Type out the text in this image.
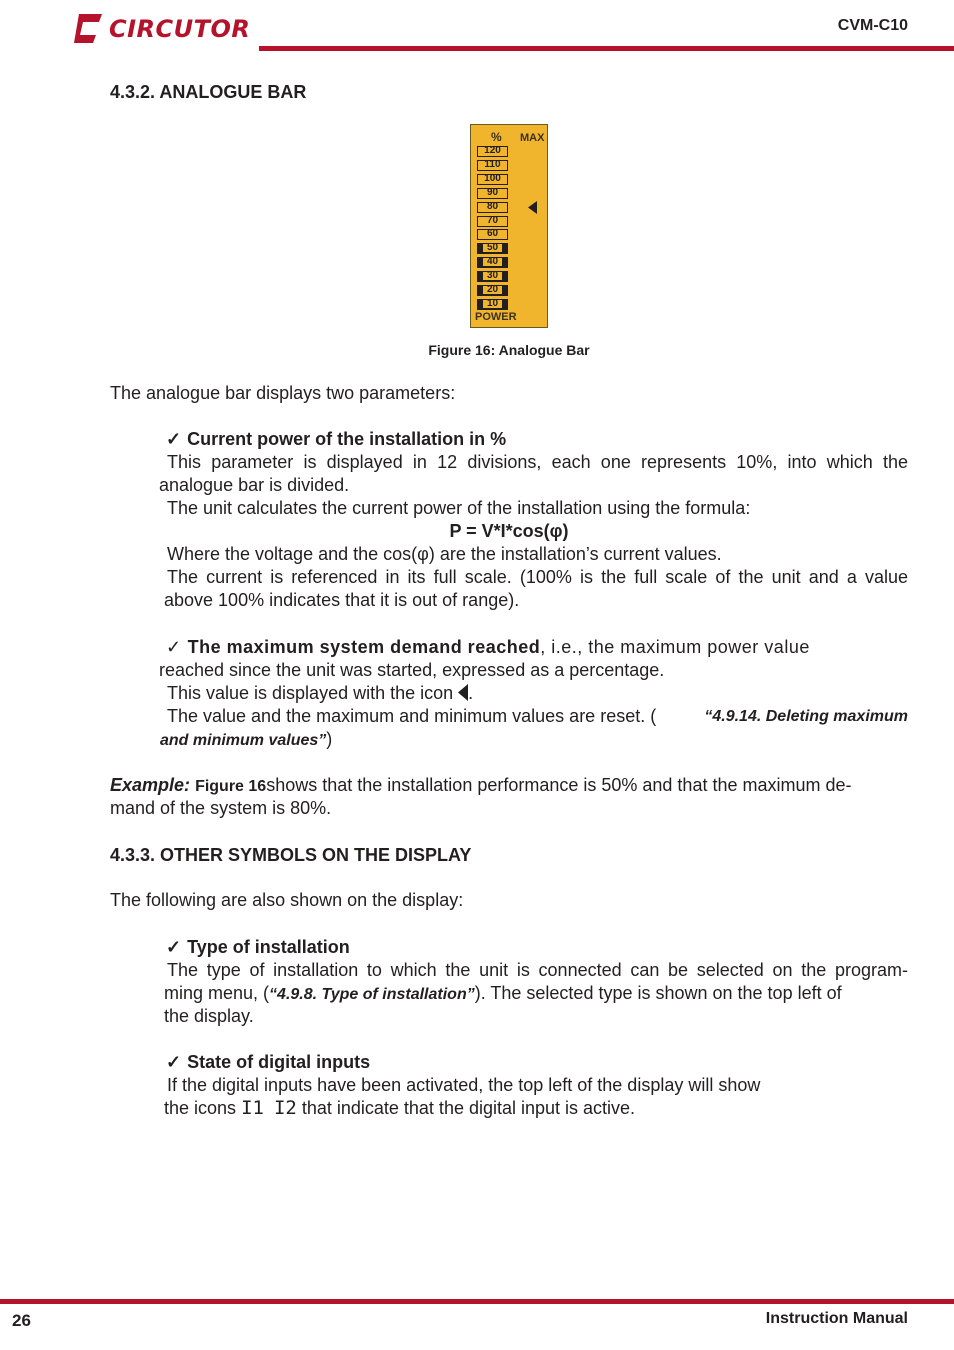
CIRCUTOR	CVM-C10
4.3.2. ANALOGUE BAR
% MAX
120
110
100
90
80
70
60
50
40
30
20
10
POWER
Figure 16: Analogue Bar
The analogue bar displays two parameters:
✓ Current power of the installation in %
This parameter is displayed in 12 divisions, each one represents 10%, into which the
analogue bar is divided.
The unit calculates the current power of the installation using the formula:
P = V*I*cos(φ)
Where the voltage and the cos(φ) are the installation’s current values.
The current is referenced in its full scale. (100% is the full scale of the unit and a value
above 100% indicates that it is out of range).
✓ The maximum system demand reached, i.e., the maximum power value
reached since the unit was started, expressed as a percentage.
This value is displayed with the icon .
The value and the maximum and minimum values are reset. (	“4.9.14. Deleting maximum
and minimum values”)
Example:
Figure 16 shows that the installation performance is 50% and that the maximum de-
mand of the system is 80%.
4.3.3. OTHER SYMBOLS ON THE DISPLAY
The following are also shown on the display:
✓ Type of installation
The type of installation to which the unit is connected can be selected on the program-
ming menu, ( “4.9.8. Type of installation” ). The selected type is shown on the top left of
the display.
✓ State of digital inputs
If the digital inputs have been activated, the top left of the display will show
the icons I1 I2 that indicate that the digital input is active.
26	Instruction Manual
